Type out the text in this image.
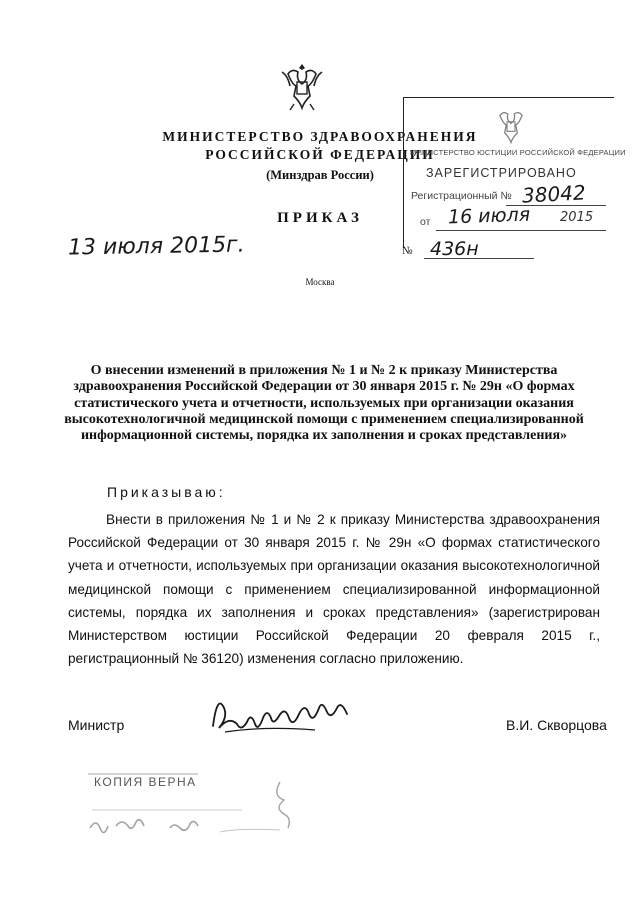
МИНИСТЕРСТВО ЗДРАВООХРАНЕНИЯ
РОССИЙСКОЙ ФЕДЕРАЦИИ
(Минздрав России)
ПРИКАЗ
МИНИСТЕРСТВО ЮСТИЦИИ РОССИЙСКОЙ ФЕДЕРАЦИИ
ЗАРЕГИСТРИРОВАНО
Регистрационный № 38042
от 16 июля 2015
13 июля 2015г.	№ 436н
Москва
О внесении изменений в приложения № 1 и № 2 к приказу Министерства здравоохранения Российской Федерации от 30 января 2015 г. № 29н «О формах статистического учета и отчетности, используемых при организации оказания высокотехнологичной медицинской помощи с применением специализированной информационной системы, порядка их заполнения и сроках представления»
Приказываю:
Внести в приложения № 1 и № 2 к приказу Министерства здравоохранения Российской Федерации от 30 января 2015 г. № 29н «О формах статистического учета и отчетности, используемых при организации оказания высокотехнологичной медицинской помощи с применением специализированной информационной системы, порядка их заполнения и сроках представления» (зарегистрирован Министерством юстиции Российской Федерации 20 февраля 2015 г., регистрационный № 36120) изменения согласно приложению.
Министр	В.И. Скворцова
КОПИЯ ВЕРНА
